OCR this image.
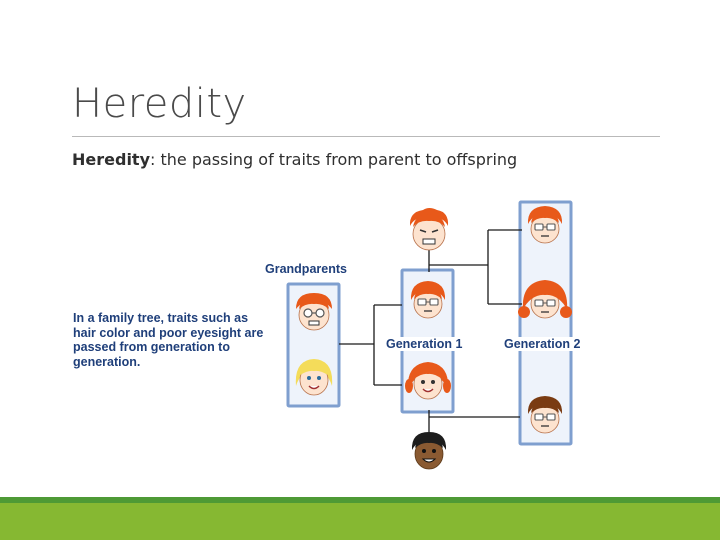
Heredity
Heredity: the passing of traits from parent to offspring
Grandparents
Generation 1	Generation 2
In a family tree, traits such as hair color and poor eyesight are passed from generation to generation.
